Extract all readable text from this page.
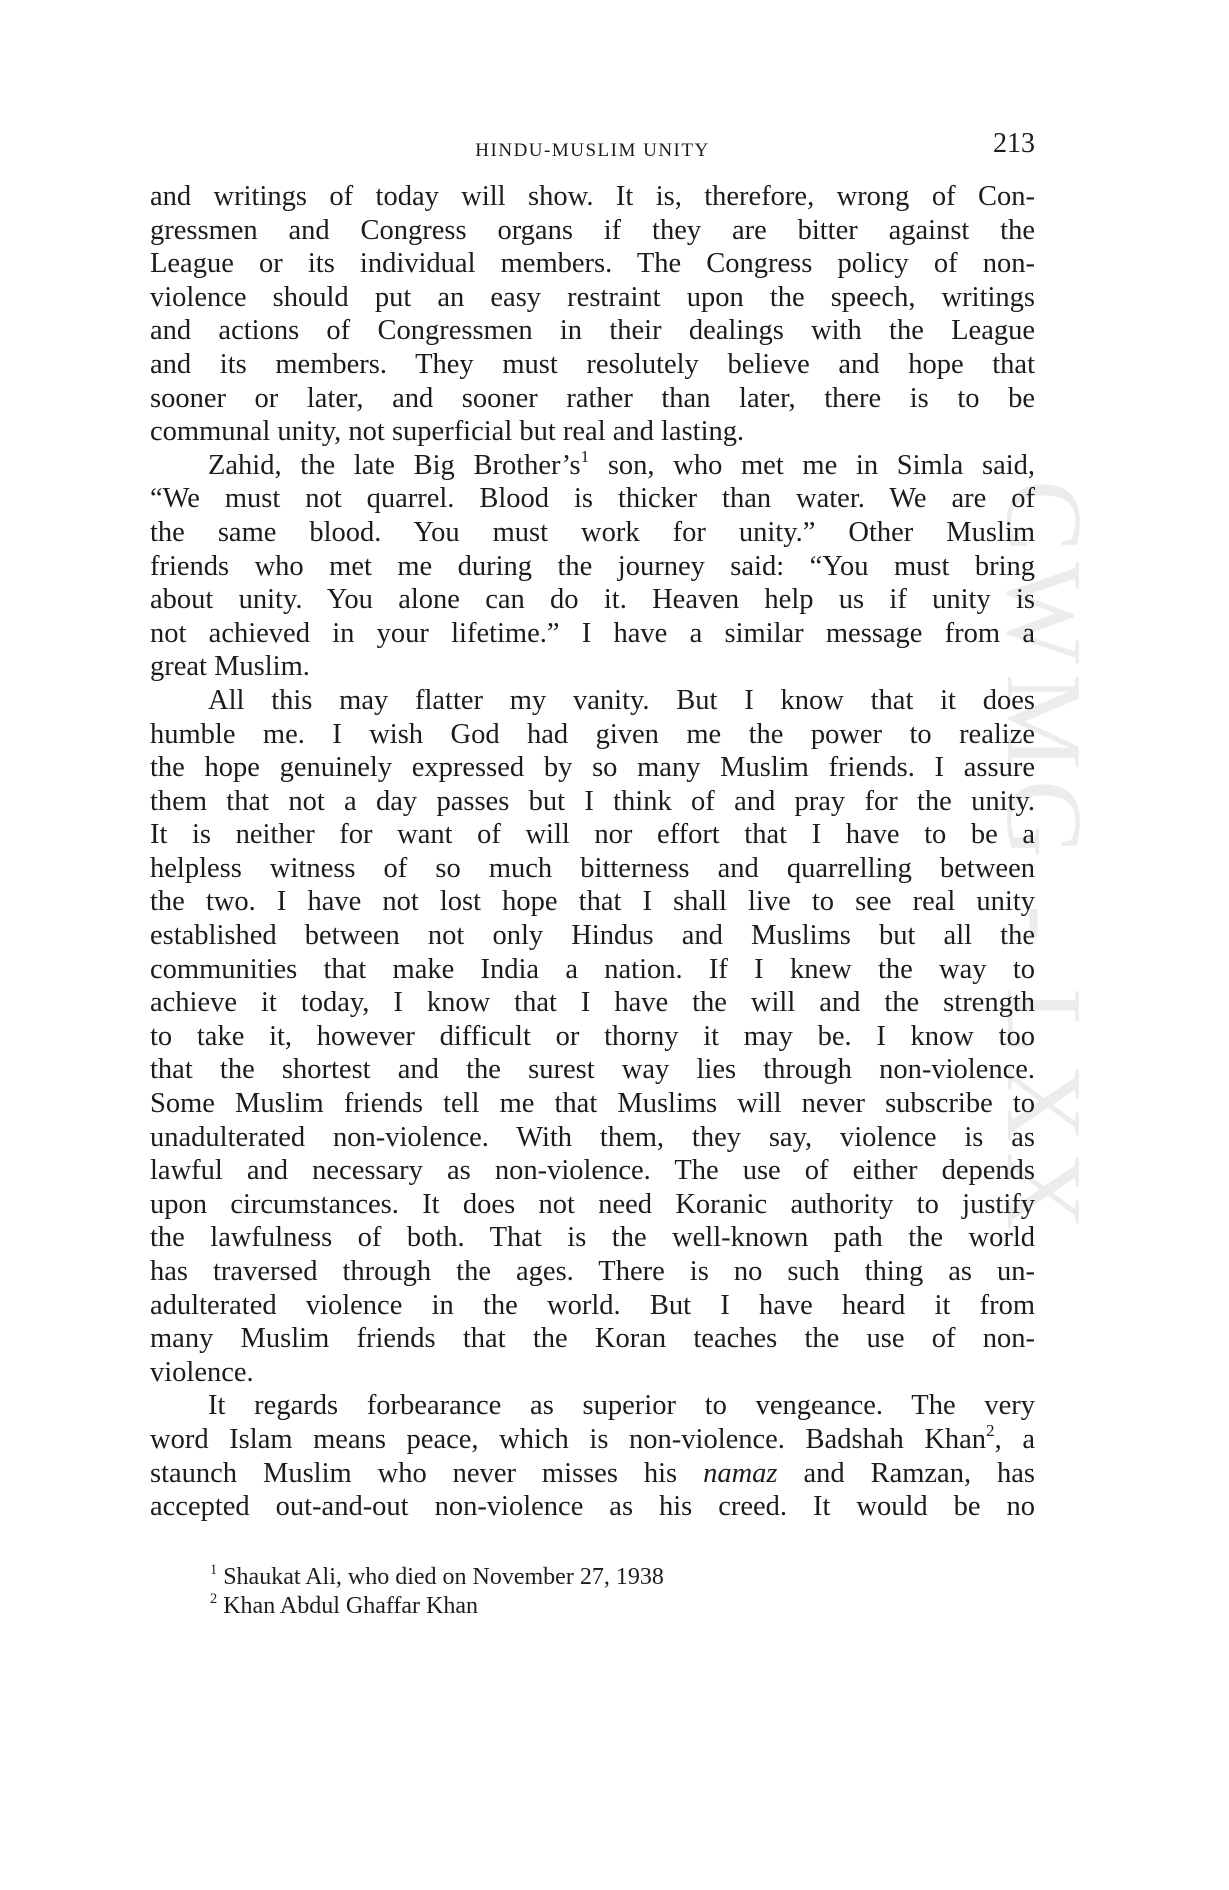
HINDU-MUSLIM UNITY	213
CWMG - LXX
and writings of today will show. It is, therefore, wrong of Con-
gressmen and Congress organs if they are bitter against the
League or its individual members. The Congress policy of non-
violence should put an easy restraint upon the speech, writings
and actions of Congressmen in their dealings with the League
and its members. They must resolutely believe and hope that
sooner or later, and sooner rather than later, there is to be
communal unity, not superficial but real and lasting.
Zahid, the late Big $Brother’s^1$ son, who met me in Simla said,
“We must not quarrel. Blood is thicker than water. We are of
the same blood. You must work for unity.” Other Muslim
friends who met me during the journey said: “You must bring
about unity. You alone can do it. Heaven help us if unity is
not achieved in your lifetime.” I have a similar message from a
great Muslim.
All this may flatter my vanity. But I know that it does
humble me. I wish God had given me the power to realize
the hope genuinely expressed by so many Muslim friends. I assure
them that not a day passes but I think of and pray for the unity.
It is neither for want of will nor effort that I have to be a
helpless witness of so much bitterness and quarrelling between
the two. I have not lost hope that I shall live to see real unity
established between not only Hindus and Muslims but all the
communities that make India a nation. If I knew the way to
achieve it today, I know that I have the will and the strength
to take it, however difficult or thorny it may be. I know too
that the shortest and the surest way lies through non-violence.
Some Muslim friends tell me that Muslims will never subscribe to
unadulterated non-violence. With them, they say, violence is as
lawful and necessary as non-violence. The use of either depends
upon circumstances. It does not need Koranic authority to justify
the lawfulness of both. That is the well-known path the world
has traversed through the ages. There is no such thing as un-
adulterated violence in the world. But I have heard it from
many Muslim friends that the Koran teaches the use of non-
violence.
It regards forbearance as superior to vengeance. The very
word Islam means peace, which is non-violence. Badshah Khan$^2$, a
staunch Muslim who never misses his namaz and Ramzan, has
accepted out-and-out non-violence as his creed. It would be no
$^1$ Shaukat Ali, who died on November 27, 1938
$^2$ Khan Abdul Ghaffar Khan
